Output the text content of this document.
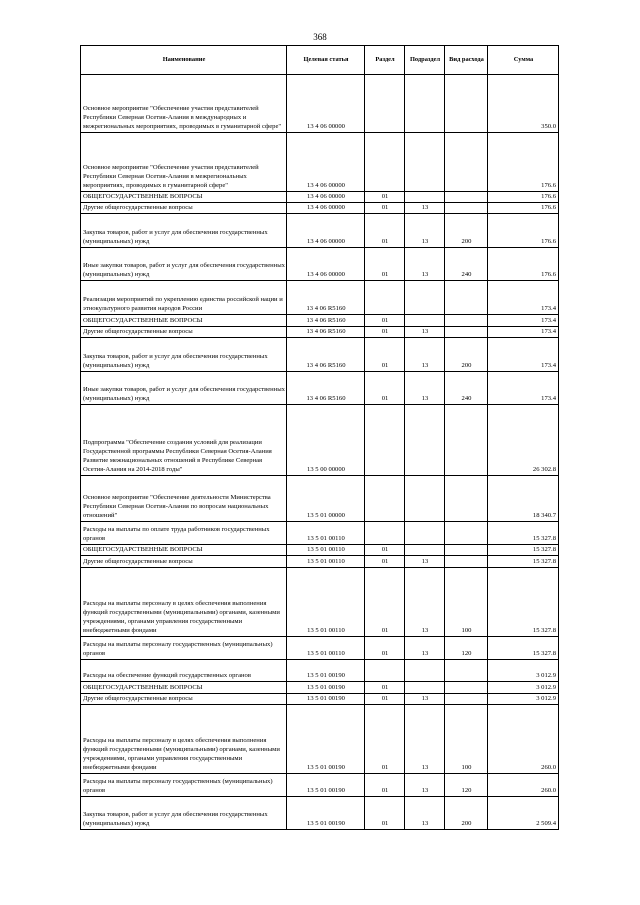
368
Наименование	Целевая статья	Раздел	Подраздел	Вид расхода	Сумма
Основное мероприятие "Обеспечение участия представителей Республики Северная Осетия-Алания в международных и межрегиональных мероприятиях, проводимых в гуманитарной сфере"	13 4 06 00000				350.0
Основное мероприятие "Обеспечение участия представителей Республики Северная Осетия-Алания в межрегиональных мероприятиях, проводимых в гуманитарной сфере"	13 4 06 00000				176.6
ОБЩЕГОСУДАРСТВЕННЫЕ ВОПРОСЫ	13 4 06 00000	01			176.6
Другие общегосударственные вопросы	13 4 06 00000	01	13		176.6
Закупка товаров, работ и услуг для обеспечения государственных (муниципальных) нужд	13 4 06 00000	01	13	200	176.6
Иные закупки товаров, работ и услуг для обеспечения государственных (муниципальных) нужд	13 4 06 00000	01	13	240	176.6
Реализация мероприятий по укреплению единства российской нации и этнокультурного развития народов России	13 4 06 R5160				173.4
ОБЩЕГОСУДАРСТВЕННЫЕ ВОПРОСЫ	13 4 06 R5160	01			173.4
Другие общегосударственные вопросы	13 4 06 R5160	01	13		173.4
Закупка товаров, работ и услуг для обеспечения государственных (муниципальных) нужд	13 4 06 R5160	01	13	200	173.4
Иные закупки товаров, работ и услуг для обеспечения государственных (муниципальных) нужд	13 4 06 R5160	01	13	240	173.4
Подпрограмма "Обеспечение создания условий для реализации Государственной программы Республики Северная Осетия-Алания Развитие межнациональных отношений в Республике Северная Осетия-Алания на 2014-2018 годы"	13 5 00 00000				26 302.8
Основное мероприятие "Обеспечение деятельности Министерства Республики Северная Осетия-Алания по вопросам национальных отношений"	13 5 01 00000				18 340.7
Расходы на выплаты по оплате труда работников государственных органов	13 5 01 00110				15 327.8
ОБЩЕГОСУДАРСТВЕННЫЕ ВОПРОСЫ	13 5 01 00110	01			15 327.8
Другие общегосударственные вопросы	13 5 01 00110	01	13		15 327.8
Расходы на выплаты персоналу в целях обеспечения выполнения функций государственными (муниципальными) органами, казенными учреждениями, органами управления государственными внебюджетными фондами	13 5 01 00110	01	13	100	15 327.8
Расходы на выплаты персоналу государственных (муниципальных) органов	13 5 01 00110	01	13	120	15 327.8
Расходы на обеспечение функций государственных органов	13 5 01 00190				3 012.9
ОБЩЕГОСУДАРСТВЕННЫЕ ВОПРОСЫ	13 5 01 00190	01			3 012.9
Другие общегосударственные вопросы	13 5 01 00190	01	13		3 012.9
Расходы на выплаты персоналу в целях обеспечения выполнения функций государственными (муниципальными) органами, казенными учреждениями, органами управления государственными внебюджетными фондами	13 5 01 00190	01	13	100	260.0
Расходы на выплаты персоналу государственных (муниципальных) органов	13 5 01 00190	01	13	120	260.0
Закупка товаров, работ и услуг для обеспечения государственных (муниципальных) нужд	13 5 01 00190	01	13	200	2 509.4
